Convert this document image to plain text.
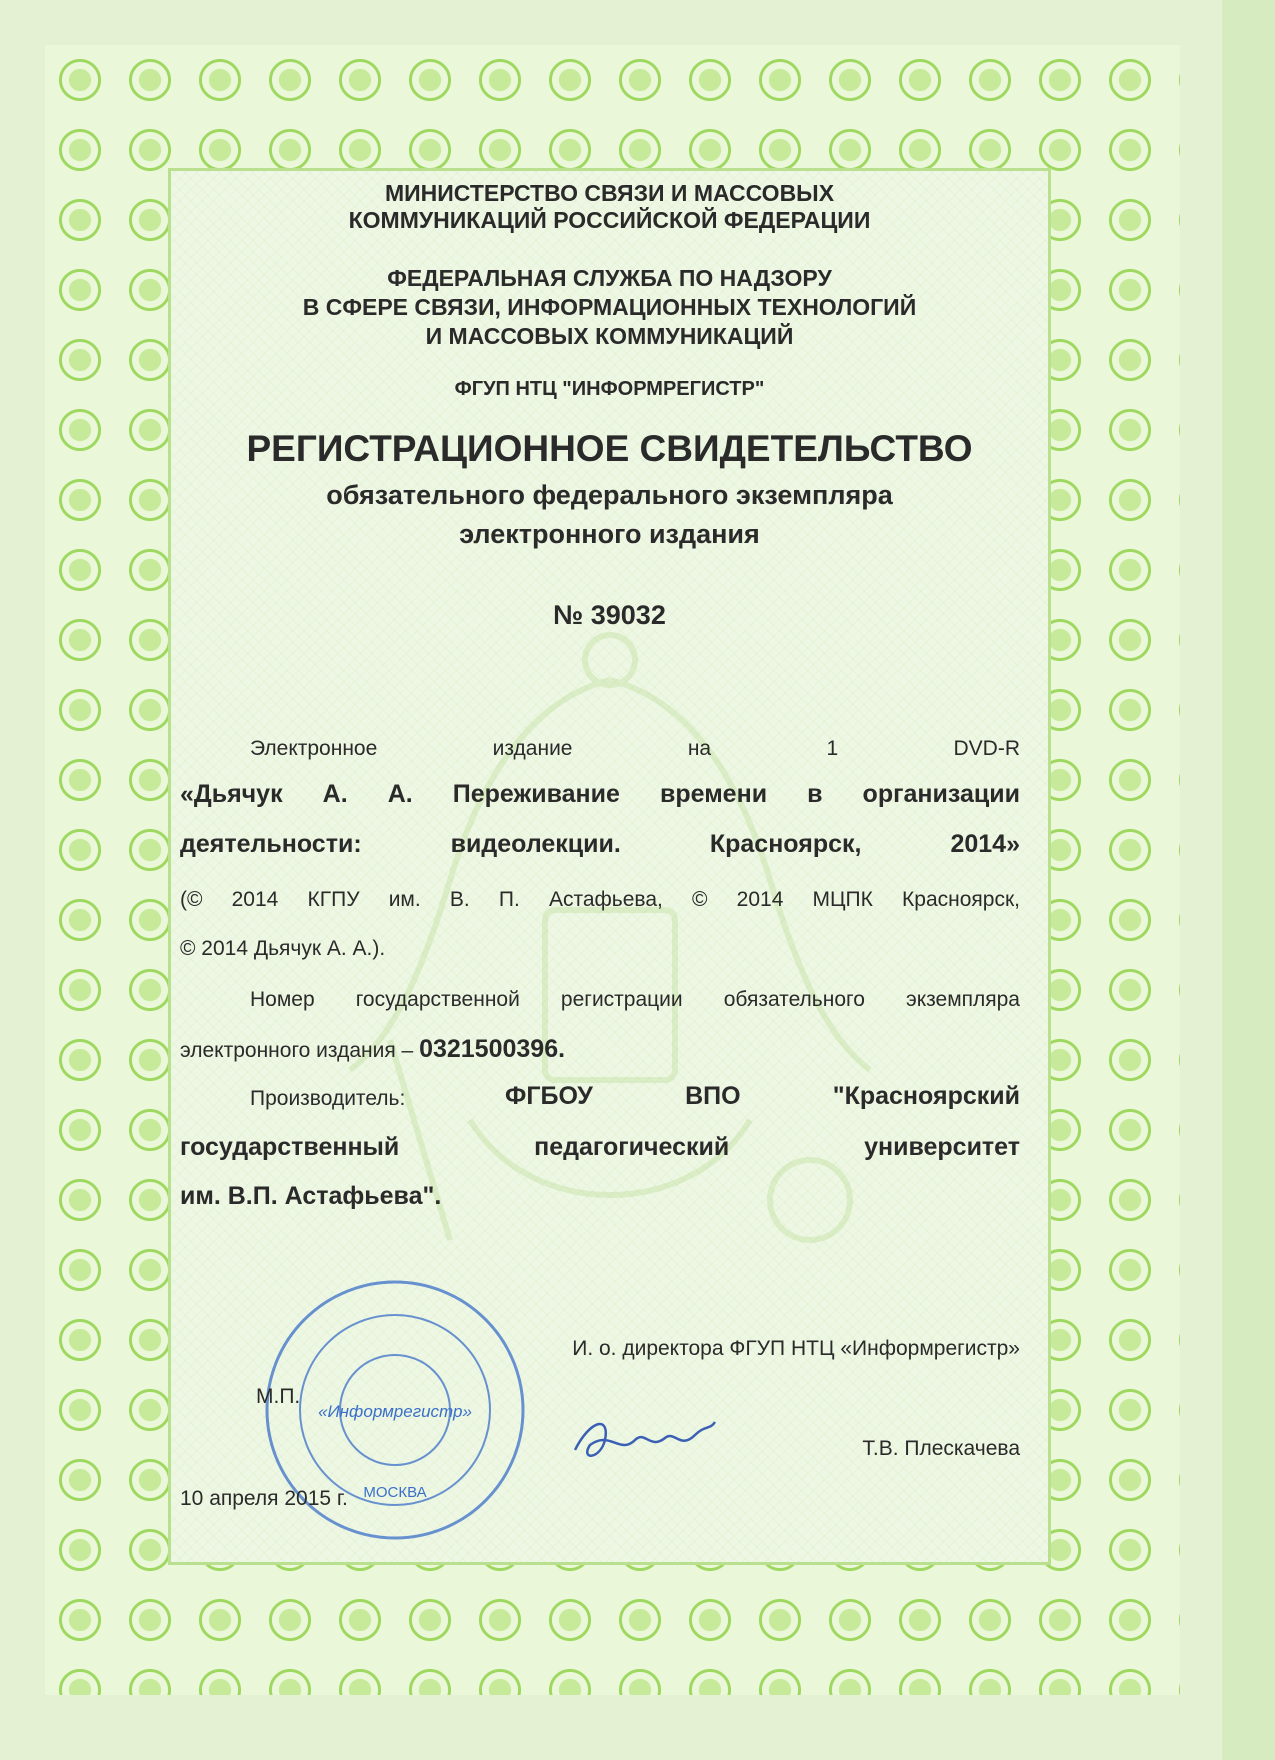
МИНИСТЕРСТВО СВЯЗИ И МАССОВЫХ
КОММУНИКАЦИЙ РОССИЙСКОЙ ФЕДЕРАЦИИ
ФЕДЕРАЛЬНАЯ СЛУЖБА ПО НАДЗОРУ
В СФЕРЕ СВЯЗИ, ИНФОРМАЦИОННЫХ ТЕХНОЛОГИЙ
И МАССОВЫХ КОММУНИКАЦИЙ
ФГУП НТЦ "ИНФОРМРЕГИСТР"
РЕГИСТРАЦИОННОЕ СВИДЕТЕЛЬСТВО
обязательного федерального экземпляра
электронного издания
№ 39032
Электронное	издание	на	1	DVD-R
«Дьячук А. А. Переживание времени в организации
деятельности: видеолекции. Красноярск, 2014»
(© 2014 КГПУ им. В. П. Астафьева, © 2014 МЦПК Красноярск,
© 2014 Дьячук А. А.).
Номер государственной регистрации обязательного экземпляра
электронного издания – 0321500396.
Производитель:	ФГБОУ ВПО "Красноярский
государственный педагогический университет
им. В.П. Астафьева".
«Информрегистр»
МОСКВА
И. о. директора ФГУП НТЦ «Информрегистр»
М.П.
Т.В. Плескачева
10 апреля 2015 г.
